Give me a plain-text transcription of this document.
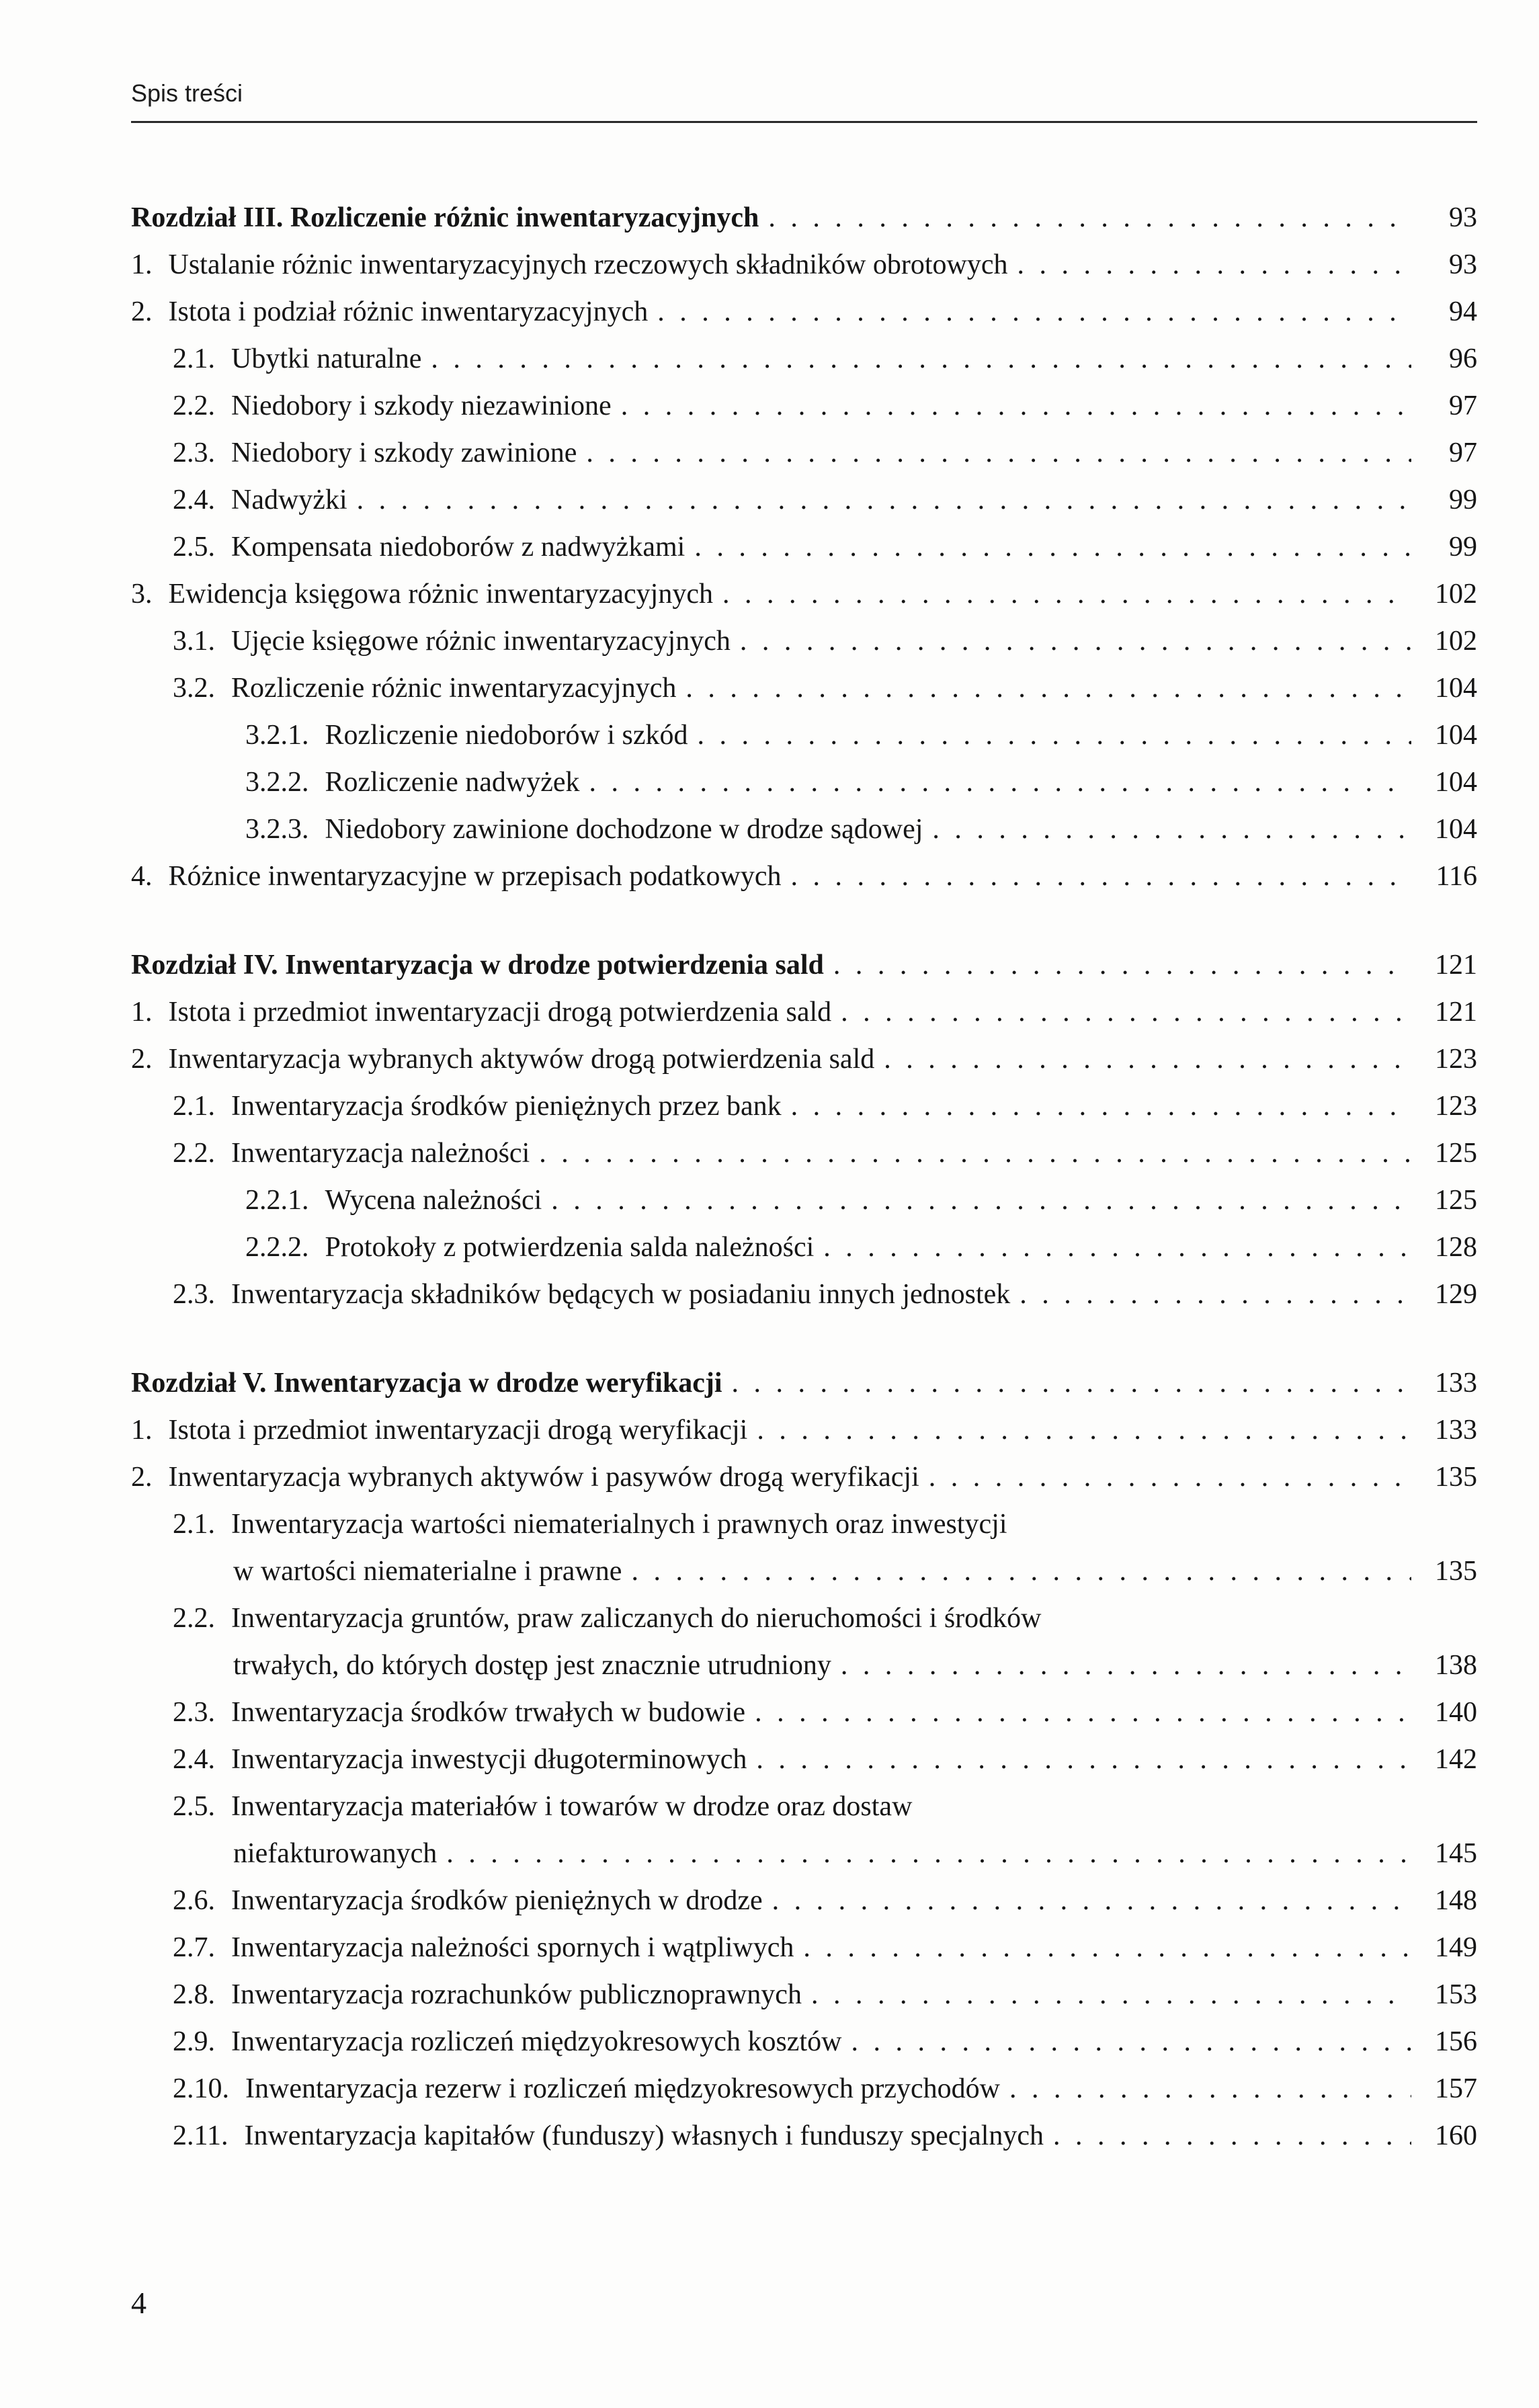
Spis treści
Rozdział III. Rozliczenie różnic inwentaryzacyjnych . . .	93
1. Ustalanie różnic inwentaryzacyjnych rzeczowych składników obrotowych . . .	93
2. Istota i podział różnic inwentaryzacyjnych . . .	94
2.1. Ubytki naturalne . . .	96
2.2. Niedobory i szkody niezawinione . . .	97
2.3. Niedobory i szkody zawinione . . .	97
2.4. Nadwyżki . . .	99
2.5. Kompensata niedoborów z nadwyżkami . . .	99
3. Ewidencja księgowa różnic inwentaryzacyjnych . . .	102
3.1. Ujęcie księgowe różnic inwentaryzacyjnych . . .	102
3.2. Rozliczenie różnic inwentaryzacyjnych . . .	104
3.2.1. Rozliczenie niedoborów i szkód . . .	104
3.2.2. Rozliczenie nadwyżek . . .	104
3.2.3. Niedobory zawinione dochodzone w drodze sądowej . . .	104
4. Różnice inwentaryzacyjne w przepisach podatkowych . . .	116
Rozdział IV. Inwentaryzacja w drodze potwierdzenia sald . . .	121
1. Istota i przedmiot inwentaryzacji drogą potwierdzenia sald . . .	121
2. Inwentaryzacja wybranych aktywów drogą potwierdzenia sald . . .	123
2.1. Inwentaryzacja środków pieniężnych przez bank . . .	123
2.2. Inwentaryzacja należności . . .	125
2.2.1. Wycena należności . . .	125
2.2.2. Protokoły z potwierdzenia salda należności . . .	128
2.3. Inwentaryzacja składników będących w posiadaniu innych jednostek . . .	129
Rozdział V. Inwentaryzacja w drodze weryfikacji . . .	133
1. Istota i przedmiot inwentaryzacji drogą weryfikacji . . .	133
2. Inwentaryzacja wybranych aktywów i pasywów drogą weryfikacji . . .	135
2.1. Inwentaryzacja wartości niematerialnych i prawnych oraz inwestycji
w wartości niematerialne i prawne . . .	135
2.2. Inwentaryzacja gruntów, praw zaliczanych do nieruchomości i środków
trwałych, do których dostęp jest znacznie utrudniony . . .	138
2.3. Inwentaryzacja środków trwałych w budowie . . .	140
2.4. Inwentaryzacja inwestycji długoterminowych . . .	142
2.5. Inwentaryzacja materiałów i towarów w drodze oraz dostaw
niefakturowanych . . .	145
2.6. Inwentaryzacja środków pieniężnych w drodze . . .	148
2.7. Inwentaryzacja należności spornych i wątpliwych . . .	149
2.8. Inwentaryzacja rozrachunków publicznoprawnych . . .	153
2.9. Inwentaryzacja rozliczeń międzyokresowych kosztów . . .	156
2.10. Inwentaryzacja rezerw i rozliczeń międzyokresowych przychodów . . .	157
2.11. Inwentaryzacja kapitałów (funduszy) własnych i funduszy specjalnych . . .	160
4
